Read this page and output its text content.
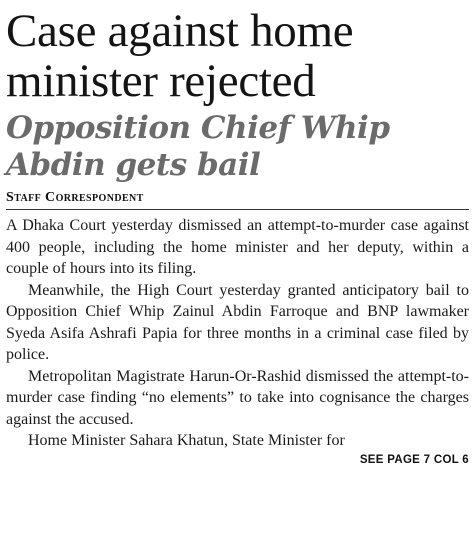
Case against home minister rejected
Opposition Chief Whip Abdin gets bail
Staff Correspondent

A Dhaka Court yesterday dismissed an attempt-to-murder case against 400 people, including the home minister and her deputy, within a couple of hours into its filing.

Meanwhile, the High Court yesterday granted anticipatory bail to Opposition Chief Whip Zainul Abdin Farroque and BNP lawmaker Syeda Asifa Ashrafi Papia for three months in a criminal case filed by police.

Metropolitan Magistrate Harun-Or-Rashid dismissed the attempt-to-murder case finding “no elements” to take into cognisance the charges against the accused.

Home Minister Sahara Khatun, State Minister for

SEE PAGE 7 COL 6
